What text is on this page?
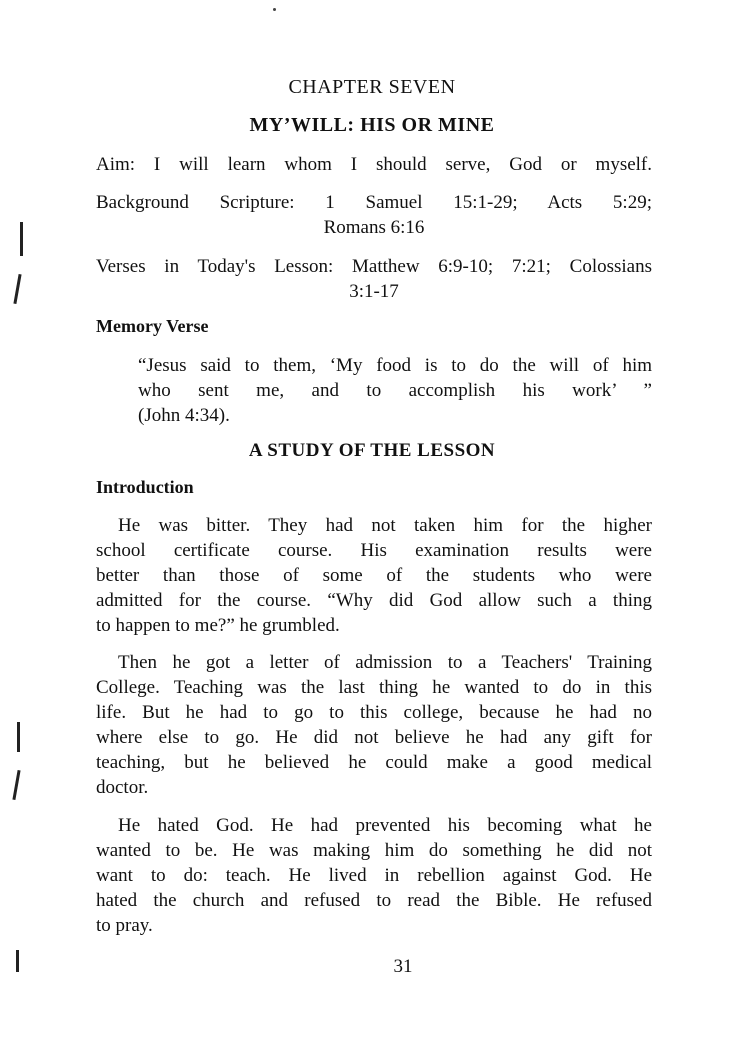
CHAPTER SEVEN
MY’WILL: HIS OR MINE
Aim: I will learn whom I should serve, God or myself.
Background Scripture: 1 Samuel 15:1-29; Acts 5:29;
Romans 6:16
Verses in Today's Lesson: Matthew 6:9-10; 7:21; Colossians
3:1-17
Memory Verse
“Jesus said to them, ‘My food is to do the will of him
who sent me, and to accomplish his work’ ”
(John 4:34).
A STUDY OF THE LESSON
Introduction
He was bitter. They had not taken him for the higher
school certificate course. His examination results were
better than those of some of the students who were
admitted for the course. “Why did God allow such a thing
to happen to me?” he grumbled.
Then he got a letter of admission to a Teachers' Training
College. Teaching was the last thing he wanted to do in this
life. But he had to go to this college, because he had no
where else to go. He did not believe he had any gift for
teaching, but he believed he could make a good medical
doctor.
He hated God. He had prevented his becoming what he
wanted to be. He was making him do something he did not
want to do: teach. He lived in rebellion against God. He
hated the church and refused to read the Bible. He refused
to pray.
31
